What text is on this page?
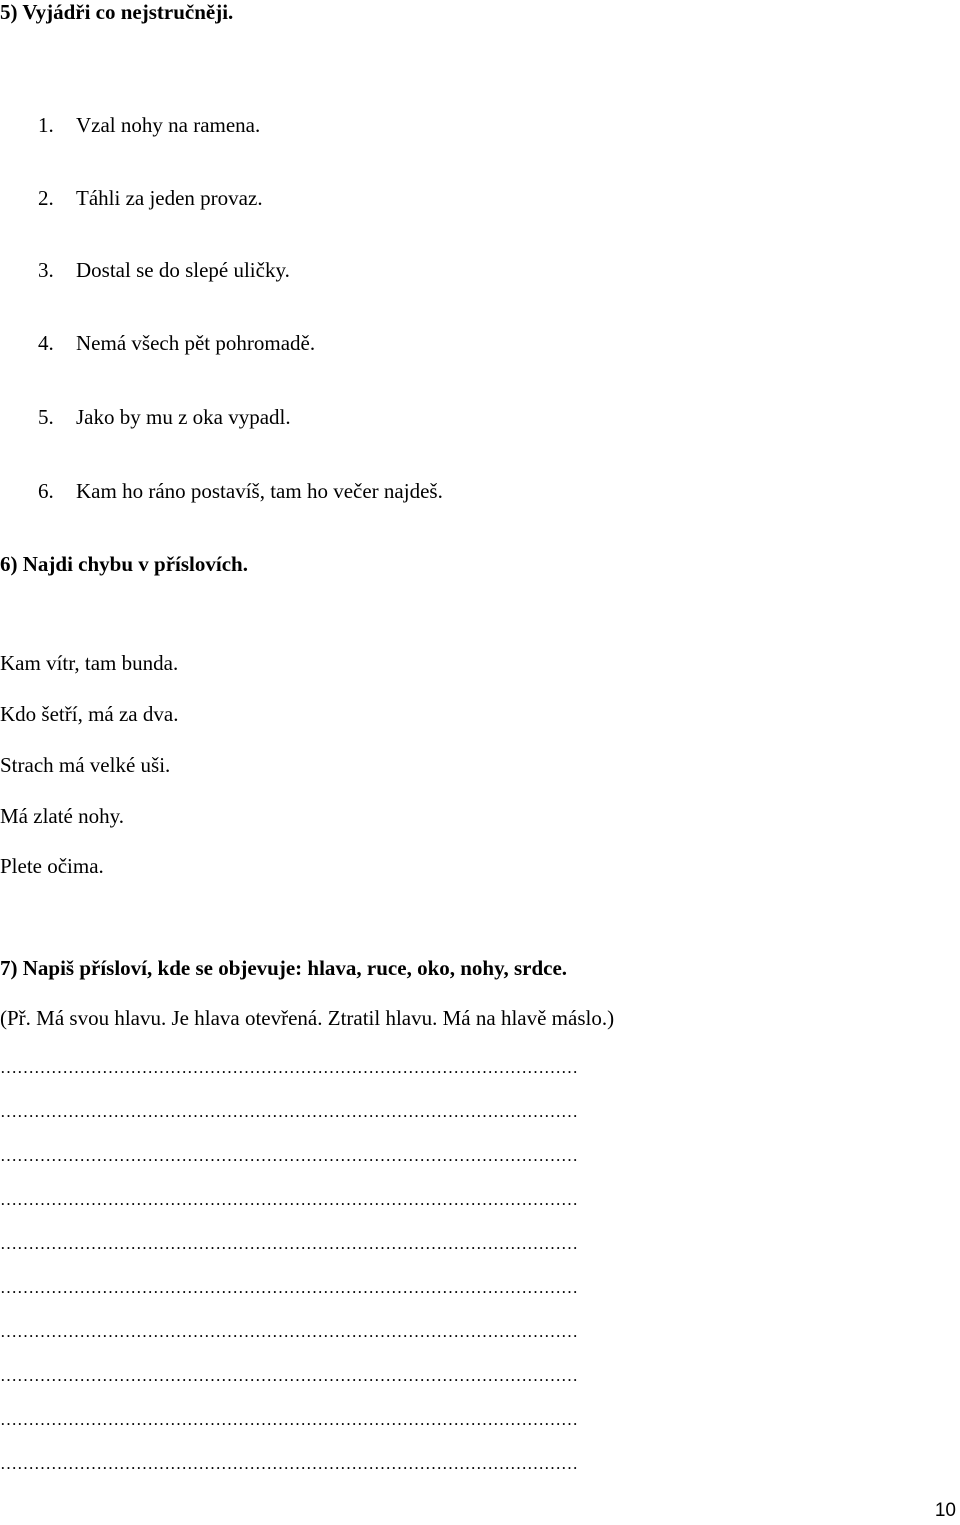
5) Vyjádři co nejstručněji.
1. Vzal nohy na ramena.
2. Táhli za jeden provaz.
3. Dostal se do slepé uličky.
4. Nemá všech pět pohromadě.
5. Jako by mu z oka vypadl.
6. Kam ho ráno postavíš, tam ho večer najdeš.
6) Najdi chybu v příslovích.
Kam vítr, tam bunda.
Kdo šetří, má za dva.
Strach má velké uši.
Má zlaté nohy.
Plete očima.
7) Napiš přísloví, kde se objevuje: hlava, ruce, oko, nohy, srdce.
(Př. Má svou hlavu. Je hlava otevřená. Ztratil hlavu. Má na hlavě máslo.)
…………………………………………………………………………………………
…………………………………………………………………………………………
…………………………………………………………………………………………
…………………………………………………………………………………………
…………………………………………………………………………………………
…………………………………………………………………………………………
…………………………………………………………………………………………
…………………………………………………………………………………………
…………………………………………………………………………………………
…………………………………………………………………………………………
10
